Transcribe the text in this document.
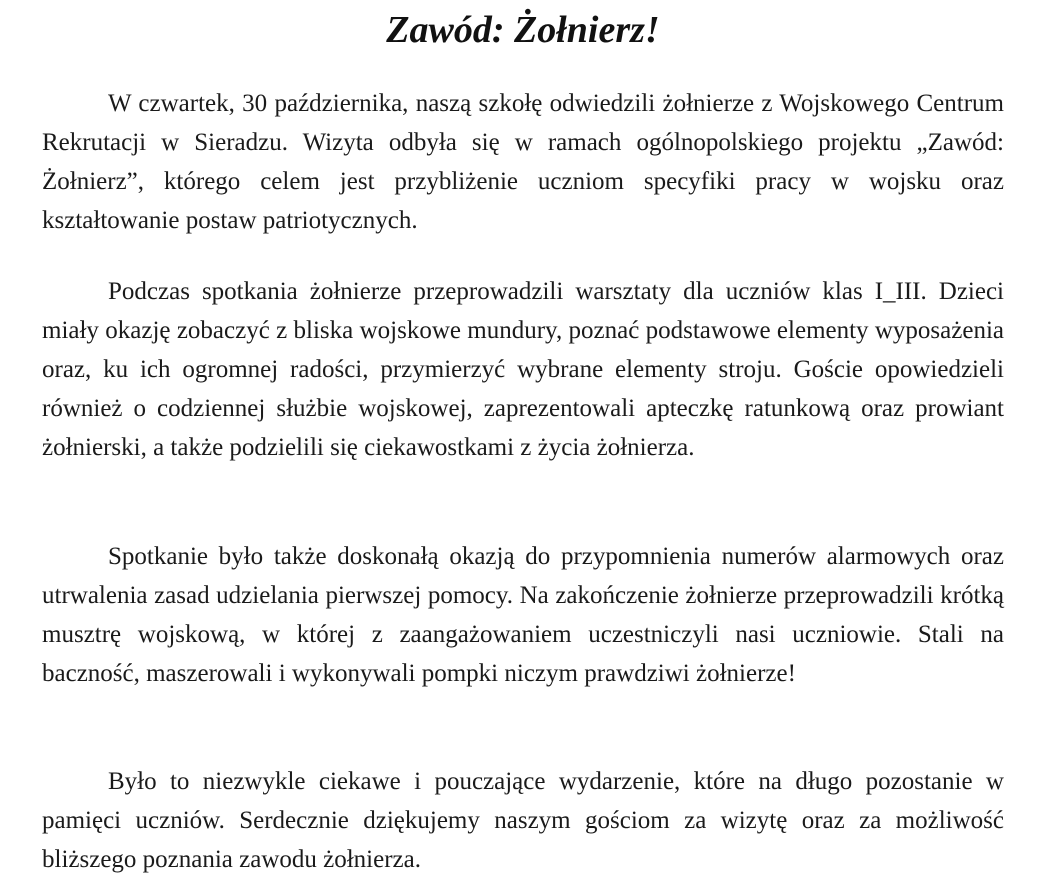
Zawód: Żołnierz!

W czwartek, 30 października, naszą szkołę odwiedzili żołnierze z Wojskowego Centrum Rekrutacji w Sieradzu. Wizyta odbyła się w ramach ogólnopolskiego projektu „Zawód: Żołnierz”, którego celem jest przybliżenie uczniom specyfiki pracy w wojsku oraz kształtowanie postaw patriotycznych.

Podczas spotkania żołnierze przeprowadzili warsztaty dla uczniów klas I_III. Dzieci miały okazję zobaczyć z bliska wojskowe mundury, poznać podstawowe elementy wyposażenia oraz, ku ich ogromnej radości, przymierzyć wybrane elementy stroju. Goście opowiedzieli również o codziennej służbie wojskowej, zaprezentowali apteczkę ratunkową oraz prowiant żołnierski, a także podzielili się ciekawostkami z życia żołnierza.

Spotkanie było także doskonałą okazją do przypomnienia numerów alarmowych oraz utrwalenia zasad udzielania pierwszej pomocy. Na zakończenie żołnierze przeprowadzili krótką musztrę wojskową, w której z zaangażowaniem uczestniczyli nasi uczniowie. Stali na baczność, maszerowali i wykonywali pompki niczym prawdziwi żołnierze!

Było to niezwykle ciekawe i pouczające wydarzenie, które na długo pozostanie w pamięci uczniów. Serdecznie dziękujemy naszym gościom za wizytę oraz za możliwość bliższego poznania zawodu żołnierza.
